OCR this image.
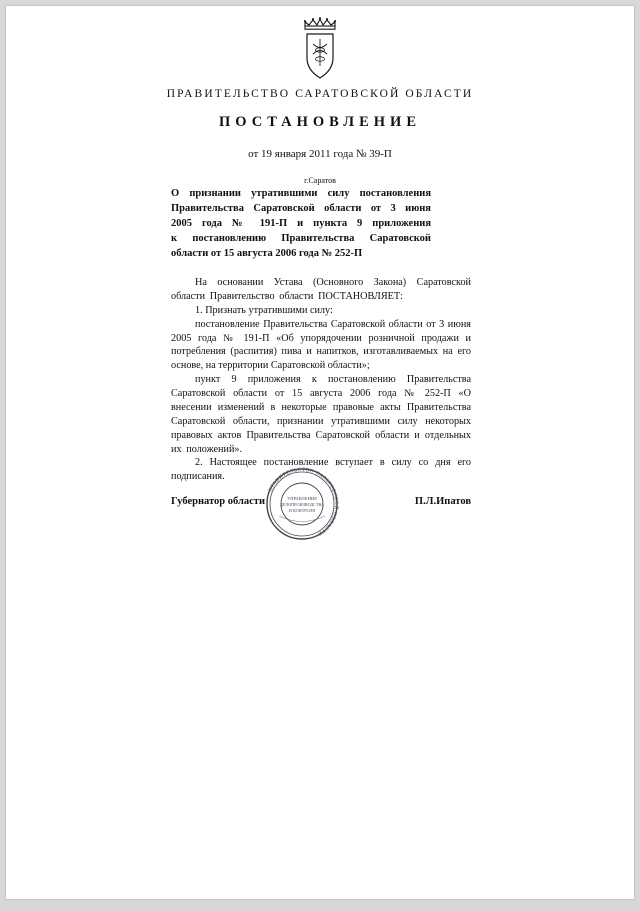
ПРАВИТЕЛЬСТВО САРАТОВСКОЙ ОБЛАСТИ
ПОСТАНОВЛЕНИЕ
от 19 января 2011 года № 39-П
г.Саратов
О признании утратившими силу постановления
Правительства Саратовской области от 3 июня
2005 года № 191-П и пункта 9 приложения
к постановлению Правительства Саратовской
области от 15 августа 2006 года № 252-П

На основании Устава (Основного Закона) Саратовской области Правительство области ПОСТАНОВЛЯЕТ:

1. Признать утратившими силу:

постановление Правительства Саратовской области от 3 июня 2005 года № 191-П «Об упорядочении розничной продажи и потребления (распития) пива и напитков, изготавливаемых на его основе, на территории Саратовской области»;

пункт 9 приложения к постановлению Правительства Саратовской области от 15 августа 2006 года № 252-П «О внесении изменений в некоторые правовые акты Правительства Саратовской области, признании утратившими силу некоторых правовых актов Правительства Саратовской области и отдельных их положений».

2. Настоящее постановление вступает в силу со дня его подписания.

ПРАВИТЕЛЬСТВО САРАТОВСКОЙ ОБЛАСТИ
УПРАВЛЕНИЕ
ДЕЛОПРОИЗВОДСТВА
И КОНТРОЛЯ
Губернатор области	П.Л.Ипатов
